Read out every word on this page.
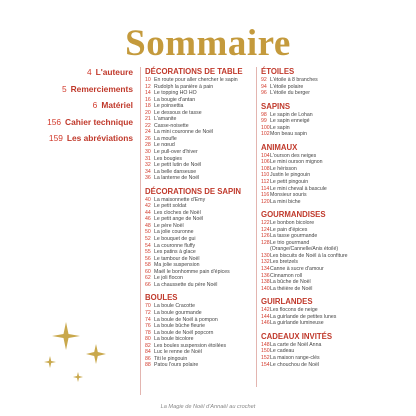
Sommaire
4 L'auteure
5 Remerciements
6 Matériel
156 Cahier technique
159 Les abréviations
DÉCORATIONS DE TABLE
10 En route pour aller chercher le sapin
12 Rudolph la panière à pain
14 Le topping HO HO
16 La bougie d'antan
18 Le poinsettia
20 Le dessous de tasse
21 L'amanite
22 Casse-noisette
24 La mini couronne de Noël
26 La moufle
28 Le nœud
30 Le pull-over d'hiver
31 Les bougies
32 Le petit lutin de Noël
34 La belle danseuse
36 La lanterne de Noël
DÉCORATIONS DE SAPIN
40 La maisonnette d'Emy
42 Le petit soldat
44 Les cloches de Noël
46 Le petit ange de Noël
48 Le père Noël
50 La jolie couronne
52 Le bouquet de gui
54 La couronne fluffy
55 Les patins à glace
56 Le tambour de Noël
58 Ma jolie suspension
60 Maël le bonhomme pain d'épices
62 Le joli flocon
66 La chaussette du père Noël
BOULES
70 La boule Cracotte
72 La boule gourmande
74 La boule de Noël à pompon
76 La boule bûche fleurie
78 La boule de Noël popcorn
80 La boule bicolore
82 Les boules suspension étoilées
84 Luc le renne de Noël
86 Titi le pingouin
88 Patou l'ours polaire
ÉTOILES
92 L'étoile à 8 branches
94 L'étoile polaire
96 L'étoile du berger
SAPINS
98 Le sapin de Lohan
99 Le sapin enneigé
100 Le sapin
102 Mon beau sapin
ANIMAUX
104 L'ourson des neiges
106 Le mini ourson mignon
108 Le hérisson
110 Justin le pingouin
112 Le petit pingouin
114 Le mini cheval à bascule
116 Monsieur souris
120 La mini biche
GOURMANDISES
122 Le bonbon bicolore
124 Le pain d'épices
126 La tasse gourmande
128 Le trio gourmand
(Orange/Cannelle/Anis étoilé)
130 Les biscuits de Noël à la confiture
132 Les bretzels
134 Canne à sucre d'amour
136 Cinnamon roll
138 La bûche de Noël
140 La théière de Noël
GUIRLANDES
142 Les flocons de neige
144 La guirlande de petites lunes
146 La guirlande lumineuse
CADEAUX INVITÉS
148 La carte de Noël Anna
150 Le cadeau
152 La maison range-clés
154 Le chouchou de Noël
La Magie de Noël d'Annaël au crochet
